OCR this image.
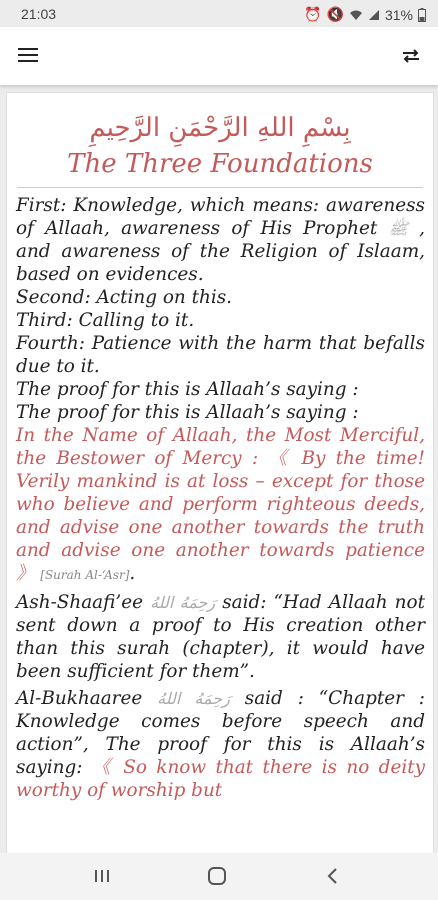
21:03	⏰ 🔇	31%
بِسْمِ اللهِ الرَّحْمَنِ الرَّحِيمِ
The Three Foundations

First: Knowledge, which means: awareness of Allaah, awareness of His Prophet ﷺ , and awareness of the Religion of Islaam, based on evidences.

Second: Acting on this.

Third: Calling to it.

Fourth: Patience with the harm that befalls due to it.

The proof for this is Allaah’s saying :

The proof for this is Allaah’s saying :

In the Name of Allaah, the Most Merciful, the Bestower of Mercy : 《 By the time! Verily mankind is at loss – except for those who believe and perform righteous deeds, and advise one another towards the truth and advise one another towards patience 》 [Surah Al-‘Asr].

Ash-Shaafi’ee رَحِمَهُ اللهُ said: “Had Allaah not sent down a proof to His creation other than this surah (chapter), it would have been sufficient for them”.

Al-Bukhaaree رَحِمَهُ اللهُ said : “Chapter : Knowledge comes before speech and action”, The proof for this is Allaah’s saying: 《 So know that there is no deity worthy of worship but
